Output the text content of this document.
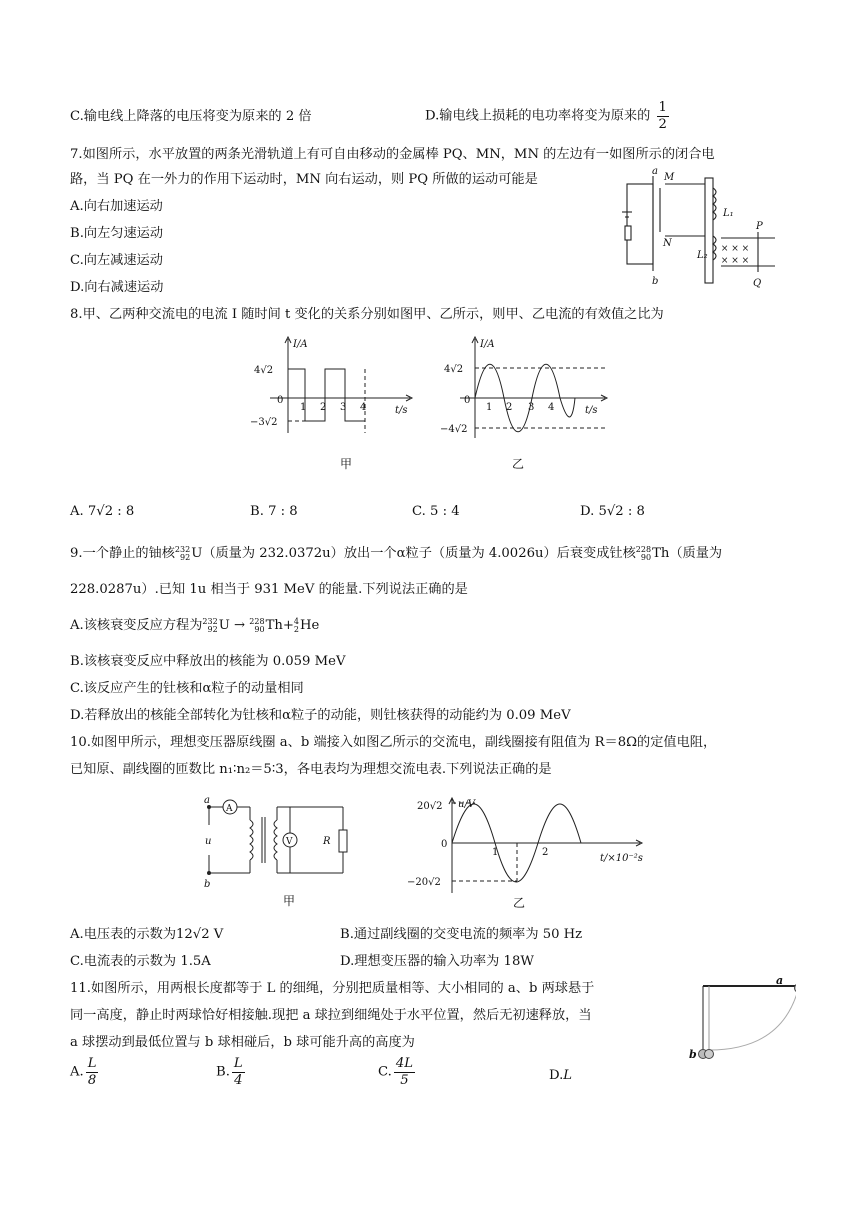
C.输电线上降落的电压将变为原来的 2 倍	D.输电线上损耗的电功率将变为原来的 $\frac{1}{2}$
7.如图所示，水平放置的两条光滑轨道上有可自由移动的金属棒 PQ、MN，MN 的左边有一如图所示的闭合电
路，当 PQ 在一外力的作用下运动时，MN 向右运动，则 PQ 所做的运动可能是
A.向右加速运动
B.向左匀速运动
C.向左减速运动
D.向右减速运动
× × ×
× × ×
a
M
N
b
L₁
L₂
P
Q
8.甲、乙两种交流电的电流 I 随时间 t 变化的关系分别如图甲、乙所示，则甲、乙电流的有效值之比为
I/A
4√2
0
−3√2
1 2 3 4	t/s
甲
I/A
4√2
0
−4√2
1 2 3 4	t/s
乙
A. 7√2 : 8	B. 7 : 8	C. 5 : 4	D. 5√2 : 8
9.一个静止的铀核 232
92 U（质量为 232.0372u）放出一个α粒子（质量为 4.0026u）后衰变成钍核 228
90 Th（质量为
228.0287u）.已知 1u 相当于 931 MeV 的能量.下列说法正确的是
A.该核衰变反应方程为 232
92 U → 228
90 Th+ 4
2 He
B.该核衰变反应中释放出的核能为 0.059 MeV
C.该反应产生的钍核和α粒子的动量相同
D.若释放出的核能全部转化为钍核和α粒子的动能，则钍核获得的动能约为 0.09 MeV
10.如图甲所示，理想变压器原线圈 a、b 端接入如图乙所示的交流电，副线圈接有阻值为 R＝8Ω的定值电阻，
已知原、副线圈的匝数比 n₁∶n₂＝5∶3，各电表均为理想交流电表.下列说法正确的是
a
u
b
A
V	R
甲
u/V
20√2
0
−20√2
1	2
t/×10⁻²s
乙
A.电压表的示数为12√2 V	B.通过副线圈的交变电流的频率为 50 Hz
C.电流表的示数为 1.5A	D.理想变压器的输入功率为 18W
11.如图所示，用两根长度都等于 L 的细绳，分别把质量相等、大小相同的 a、b 两球悬于
同一高度，静止时两球恰好相接触.现把 a 球拉到细绳处于水平位置，然后无初速释放，当
a 球摆动到最低位置与 b 球相碰后，b 球可能升高的高度为
a
b
A. $\frac{L}{8}$	B. $\frac{L}{4}$	C. $\frac{4L}{5}$	D.L
